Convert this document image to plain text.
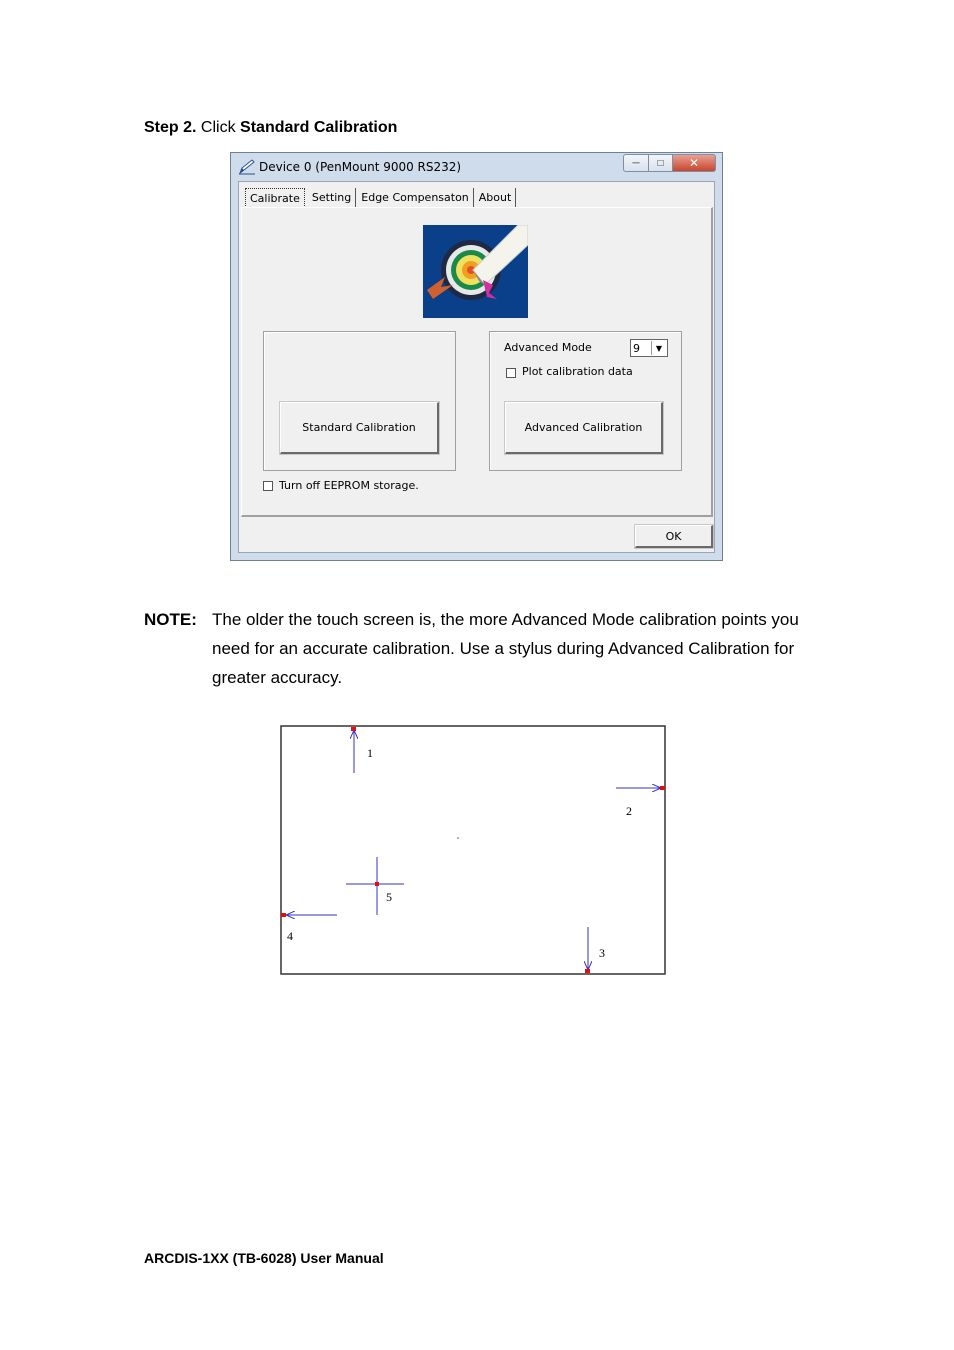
Step 2. Click Standard Calibration
Device 0 (PenMount 9000 RS232)	─ □ ✕
Calibrate	Setting Edge Compensaton About
Standard Calibration
Advanced Mode	9	▼
Plot calibration data
Advanced Calibration
Turn off EEPROM storage.
OK
NOTE: The older the touch screen is, the more Advanced Mode calibration points you need for an accurate calibration. Use a stylus during Advanced Calibration for greater accuracy.
1
2
3
4
5
ARCDIS-1XX (TB-6028) User Manual
